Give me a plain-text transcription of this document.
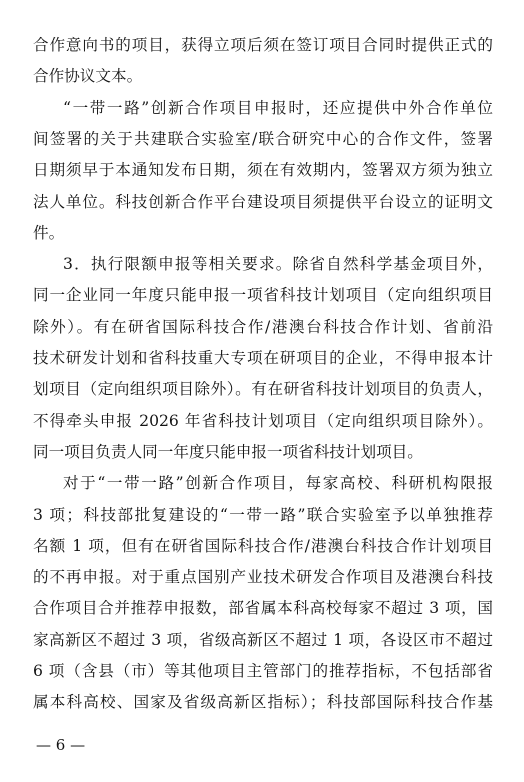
合作意向书的项目，获得立项后须在签订项目合同时提供正式的
合作协议文本。
“一带一路”创新合作项目申报时，还应提供中外合作单位
间签署的关于共建联合实验室/联合研究中心的合作文件，签署
日期须早于本通知发布日期，须在有效期内，签署双方须为独立
法人单位。科技创新合作平台建设项目须提供平台设立的证明文
件。
3．执行限额申报等相关要求。除省自然科学基金项目外，
同一企业同一年度只能申报一项省科技计划项目（定向组织项目
除外）。有在研省国际科技合作/港澳台科技合作计划、省前沿
技术研发计划和省科技重大专项在研项目的企业，不得申报本计
划项目（定向组织项目除外）。有在研省科技计划项目的负责人，
不得牵头申报 2026 年省科技计划项目（定向组织项目除外）。
同一项目负责人同一年度只能申报一项省科技计划项目。
对于“一带一路”创新合作项目，每家高校、科研机构限报
3 项；科技部批复建设的“一带一路”联合实验室予以单独推荐
名额 1 项，但有在研省国际科技合作/港澳台科技合作计划项目
的不再申报。对于重点国别产业技术研发合作项目及港澳台科技
合作项目合并推荐申报数，部省属本科高校每家不超过 3 项，国
家高新区不超过 3 项，省级高新区不超过 1 项，各设区市不超过
6 项（含县（市）等其他项目主管部门的推荐指标，不包括部省
属本科高校、国家及省级高新区指标）；科技部国际科技合作基
— 6 —
